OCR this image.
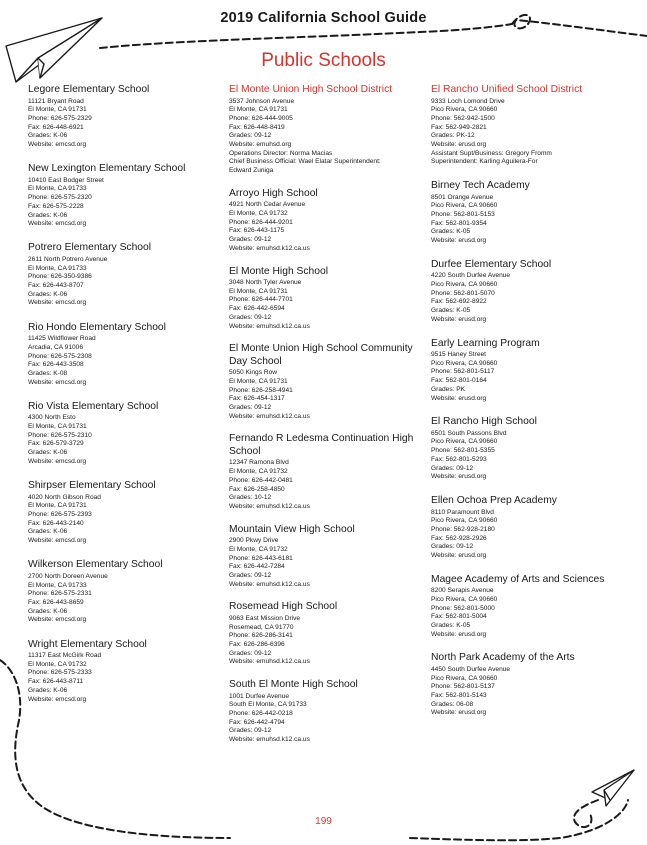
2019 California School Guide
Public Schools
Legore Elementary School
11121 Bryant Road
El Monte, CA 91731
Phone: 626-575-2329
Fax: 626-448-6921
Grades: K-06
Website: emcsd.org
New Lexington Elementary School
10410 East Bodger Street
El Monte, CA 91733
Phone: 626-575-2320
Fax: 626-575-2228
Grades: K-06
Website: emcsd.org
Potrero Elementary School
2611 North Potrero Avenue
El Monte, CA 91733
Phone: 626-350-9386
Fax: 626-443-8707
Grades: K-06
Website: emcsd.org
Rio Hondo Elementary School
11425 Wildflower Road
Arcadia, CA 91006
Phone: 626-575-2308
Fax: 626-443-3508
Grades: K-08
Website: emcsd.org
Rio Vista Elementary School
4300 North Esto
El Monte, CA 91731
Phone: 626-575-2310
Fax: 626-579-3729
Grades: K-06
Website: emcsd.org
Shirpser Elementary School
4020 North Gibson Road
El Monte, CA 91731
Phone: 626-575-2393
Fax: 626-443-2140
Grades: K-06
Website: emcsd.org
Wilkerson Elementary School
2700 North Doreen Avenue
El Monte, CA 91733
Phone: 626-575-2331
Fax: 626-443-8659
Grades: K-06
Website: emcsd.org
Wright Elementary School
11317 East McGirk Road
El Monte, CA 91732
Phone: 626-575-2333
Fax: 626-443-8711
Grades: K-06
Website: emcsd.org
El Monte Union High School District
3537 Johnson Avenue
El Monte, CA 91731
Phone: 626-444-9005
Fax: 626-448-8419
Grades: 09-12
Website: emuhsd.org
Operations Director: Norma Macias
Chief Business Official: Wael Elatar Superintendent:
Edward Zuniga
Arroyo High School
4921 North Cedar Avenue
El Monte, CA 91732
Phone: 626-444-9201
Fax: 626-443-1175
Grades: 09-12
Website: emuhsd.k12.ca.us
El Monte High School
3048 North Tyler Avenue
El Monte, CA 91731
Phone: 626-444-7701
Fax: 626-442-6594
Grades: 09-12
Website: emuhsd.k12.ca.us
El Monte Union High School Community Day School
5050 Kings Row
El Monte, CA 91731
Phone: 626-258-4941
Fax: 626-454-1317
Grades: 09-12
Website: emuhsd.k12.ca.us
Fernando R Ledesma Continuation High School
12347 Ramona Blvd
El Monte, CA 91732
Phone: 626-442-0481
Fax: 626-258-4850
Grades: 10-12
Website: emuhsd.k12.ca.us
Mountain View High School
2900 Pkwy Drive
El Monte, CA 91732
Phone: 626-443-6181
Fax: 626-442-7284
Grades: 09-12
Website: emuhsd.k12.ca.us
Rosemead High School
9063 East Mission Drive
Rosemead, CA 91770
Phone: 626-286-3141
Fax: 626-286-6396
Grades: 09-12
Website: emuhsd.k12.ca.us
South El Monte High School
1001 Durfee Avenue
South El Monte, CA 91733
Phone: 626-442-0218
Fax: 626-442-4794
Grades: 09-12
Website: emuhsd.k12.ca.us
El Rancho Unified School District
9333 Loch Lomond Drive
Pico Rivera, CA 90660
Phone: 562-942-1500
Fax: 562-949-2821
Grades: PK-12
Website: erusd.org
Assistant Supt/Business: Gregory Fromm
Superintendent: Karling Aguilera-For
Birney Tech Academy
8501 Orange Avenue
Pico Rivera, CA 90660
Phone: 562-801-5153
Fax: 562-801-9354
Grades: K-05
Website: erusd.org
Durfee Elementary School
4220 South Durfee Avenue
Pico Rivera, CA 90660
Phone: 562-801-5070
Fax: 562-692-8922
Grades: K-05
Website: erusd.org
Early Learning Program
9515 Haney Street
Pico Rivera, CA 90660
Phone: 562-801-5117
Fax: 562-801-0164
Grades: PK
Website: erusd.org
El Rancho High School
6501 South Passons Blvd
Pico Rivera, CA 90660
Phone: 562-801-5355
Fax: 562-801-5293
Grades: 09-12
Website: erusd.org
Ellen Ochoa Prep Academy
8110 Paramount Blvd
Pico Rivera, CA 90660
Phone: 562-928-2180
Fax: 562-928-2926
Grades: 09-12
Website: erusd.org
Magee Academy of Arts and Sciences
8200 Serapis Avenue
Pico Rivera, CA 90660
Phone: 562-801-5000
Fax: 562-801-5004
Grades: K-05
Website: erusd.org
North Park Academy of the Arts
4450 South Durfee Avenue
Pico Rivera, CA 90660
Phone: 562-801-5137
Fax: 562-801-5143
Grades: 06-08
Website: erusd.org
199
